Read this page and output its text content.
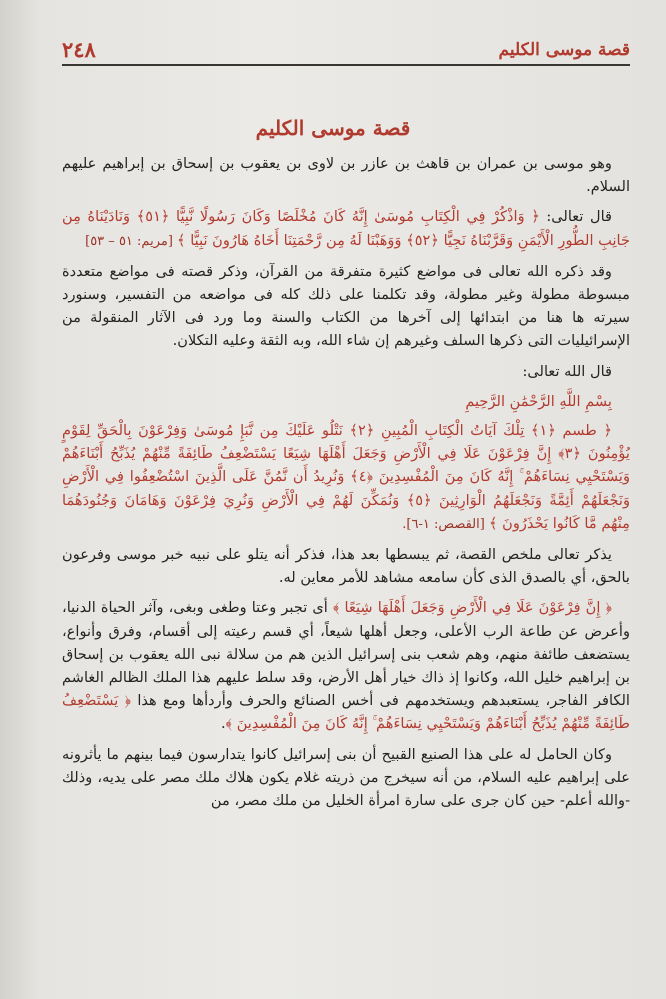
قصة موسى الكليم
٢٤٨
قصة موسى الكليم

وهو موسى بن عمران بن قاهث بن عازر بن لاوى بن يعقوب بن إسحاق بن إبراهيم عليهم السلام.

قال تعالى: ﴿ وَاذْكُرْ فِي الْكِتَابِ مُوسَىٰ إِنَّهُ كَانَ مُخْلَصًا وَكَانَ رَسُولًا نَّبِيًّا ﴿٥١﴾ وَنَادَيْنَاهُ مِن جَانِبِ الطُّورِ الْأَيْمَنِ وَقَرَّبْنَاهُ نَجِيًّا ﴿٥٢﴾ وَوَهَبْنَا لَهُ مِن رَّحْمَتِنَا أَخَاهُ هَارُونَ نَبِيًّا ﴾ [مريم: ٥١ – ٥٣]

وقد ذكره الله تعالى فى مواضع كثيرة متفرقة من القرآن، وذكر قصته فى مواضع متعددة مبسوطة مطولة وغير مطولة، وقد تكلمنا على ذلك كله فى مواضعه من التفسير، وسنورد سيرته ها هنا من ابتدائها إلى آخرها من الكتاب والسنة وما ورد فى الآثار المنقولة من الإسرائيليات التى ذكرها السلف وغيرهم إن شاء الله، وبه الثقة وعليه التكلان.

قال الله تعالى:

بِسْمِ اللَّهِ الرَّحْمَٰنِ الرَّحِيمِ

﴿ طسم ﴿١﴾ تِلْكَ آيَاتُ الْكِتَابِ الْمُبِينِ ﴿٢﴾ نَتْلُو عَلَيْكَ مِن نَّبَإِ مُوسَىٰ وَفِرْعَوْنَ بِالْحَقِّ لِقَوْمٍ يُؤْمِنُونَ ﴿٣﴾ إِنَّ فِرْعَوْنَ عَلَا فِي الْأَرْضِ وَجَعَلَ أَهْلَهَا شِيَعًا يَسْتَضْعِفُ طَائِفَةً مِّنْهُمْ يُذَبِّحُ أَبْنَاءَهُمْ وَيَسْتَحْيِي نِسَاءَهُمْ ۚ إِنَّهُ كَانَ مِنَ الْمُفْسِدِينَ ﴿٤﴾ وَنُرِيدُ أَن نَّمُنَّ عَلَى الَّذِينَ اسْتُضْعِفُوا فِي الْأَرْضِ وَنَجْعَلَهُمْ أَئِمَّةً وَنَجْعَلَهُمُ الْوَارِثِينَ ﴿٥﴾ وَنُمَكِّنَ لَهُمْ فِي الْأَرْضِ وَنُرِيَ فِرْعَوْنَ وَهَامَانَ وَجُنُودَهُمَا مِنْهُم مَّا كَانُوا يَحْذَرُونَ ﴾ [القصص: ١-٦].

يذكر تعالى ملخص القصة، ثم يبسطها بعد هذا، فذكر أنه يتلو على نبيه خبر موسى وفرعون بالحق، أي بالصدق الذى كأن سامعه مشاهد للأمر معاين له.

﴿ إِنَّ فِرْعَوْنَ عَلَا فِي الْأَرْضِ وَجَعَلَ أَهْلَهَا شِيَعًا ﴾ أى تجبر وعتا وطغى وبغى، وآثر الحياة الدنيا، وأعرض عن طاعة الرب الأعلى، وجعل أهلها شيعاً، أي قسم رعيته إلى أقسام، وفرق وأنواع، يستضعف طائفة منهم، وهم شعب بنى إسرائيل الذين هم من سلالة نبى الله يعقوب بن إسحاق بن إبراهيم خليل الله، وكانوا إذ ذاك خيار أهل الأرض، وقد سلط عليهم هذا الملك الظالم الغاشم الكافر الفاجر، يستعبدهم ويستخدمهم فى أخس الصنائع والحرف وأردأها ومع هذا ﴿ يَسْتَضْعِفُ طَائِفَةً مِّنْهُمْ يُذَبِّحُ أَبْنَاءَهُمْ وَيَسْتَحْيِي نِسَاءَهُمْ ۚ إِنَّهُ كَانَ مِنَ الْمُفْسِدِينَ ﴾.

وكان الحامل له على هذا الصنيع القبيح أن بنى إسرائيل كانوا يتدارسون فيما بينهم ما يأثرونه على إبراهيم عليه السلام، من أنه سيخرج من ذريته غلام يكون هلاك ملك مصر على يديه، وذلك -والله أعلم- حين كان جرى على سارة امرأة الخليل من ملك مصر، من
